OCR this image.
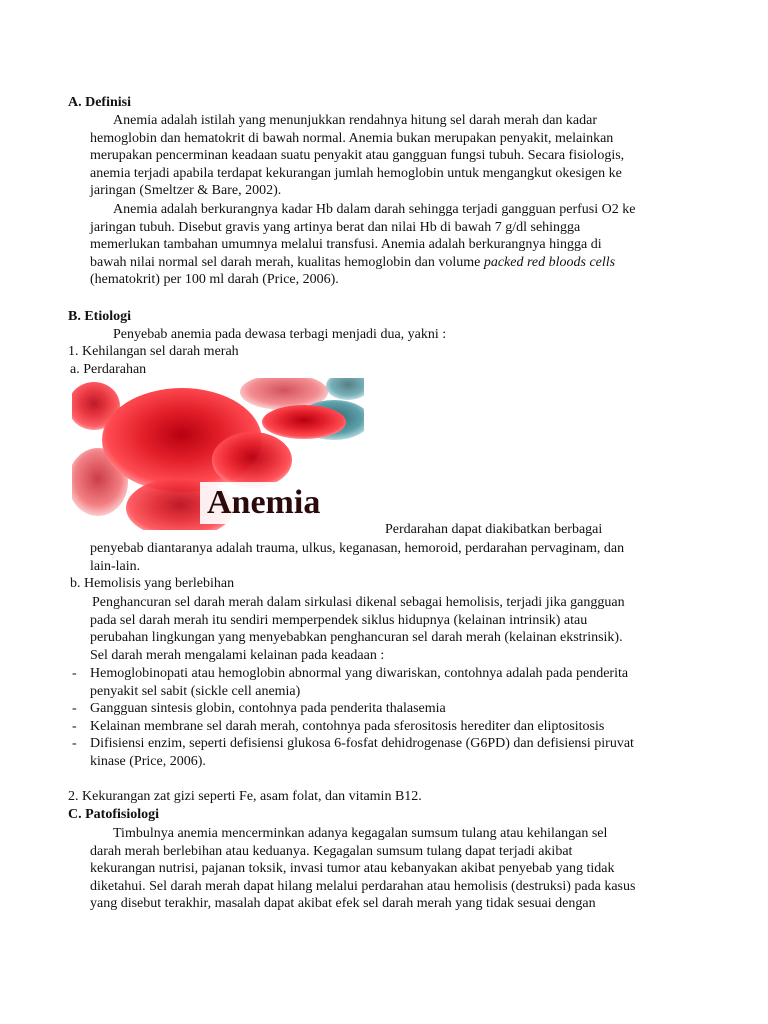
A. Definisi
Anemia adalah istilah yang menunjukkan rendahnya hitung sel darah merah dan kadar
hemoglobin dan hematokrit di bawah normal. Anemia bukan merupakan penyakit, melainkan
merupakan pencerminan keadaan suatu penyakit atau gangguan fungsi tubuh. Secara fisiologis,
anemia terjadi apabila terdapat kekurangan jumlah hemoglobin untuk mengangkut okesigen ke
jaringan (Smeltzer & Bare, 2002).
Anemia adalah berkurangnya kadar Hb dalam darah sehingga terjadi gangguan perfusi O2 ke
jaringan tubuh. Disebut gravis yang artinya berat dan nilai Hb di bawah 7 g/dl sehingga
memerlukan tambahan umumnya melalui transfusi. Anemia adalah berkurangnya hingga di
bawah nilai normal sel darah merah, kualitas hemoglobin dan volume packed red bloods cells
(hematokrit) per 100 ml darah (Price, 2006).
B. Etiologi
Penyebab anemia pada dewasa terbagi menjadi dua, yakni :
1. Kehilangan sel darah merah
a. Perdarahan
Anemia
Perdarahan dapat diakibatkan berbagai
penyebab diantaranya adalah trauma, ulkus, keganasan, hemoroid, perdarahan pervaginam, dan
lain-lain.
b. Hemolisis yang berlebihan
Penghancuran sel darah merah dalam sirkulasi dikenal sebagai hemolisis, terjadi jika gangguan
pada sel darah merah itu sendiri memperpendek siklus hidupnya (kelainan intrinsik) atau
perubahan lingkungan yang menyebabkan penghancuran sel darah merah (kelainan ekstrinsik).
Sel darah merah mengalami kelainan pada keadaan :
- Hemoglobinopati atau hemoglobin abnormal yang diwariskan, contohnya adalah pada penderita
penyakit sel sabit (sickle cell anemia)
- Gangguan sintesis globin, contohnya pada penderita thalasemia
- Kelainan membrane sel darah merah, contohnya pada sferositosis herediter dan eliptositosis
- Difisiensi enzim, seperti defisiensi glukosa 6-fosfat dehidrogenase (G6PD) dan defisiensi piruvat
kinase (Price, 2006).
2. Kekurangan zat gizi seperti Fe, asam folat, dan vitamin B12.
C. Patofisiologi
Timbulnya anemia mencerminkan adanya kegagalan sumsum tulang atau kehilangan sel
darah merah berlebihan atau keduanya. Kegagalan sumsum tulang dapat terjadi akibat
kekurangan nutrisi, pajanan toksik, invasi tumor atau kebanyakan akibat penyebab yang tidak
diketahui. Sel darah merah dapat hilang melalui perdarahan atau hemolisis (destruksi) pada kasus
yang disebut terakhir, masalah dapat akibat efek sel darah merah yang tidak sesuai dengan
